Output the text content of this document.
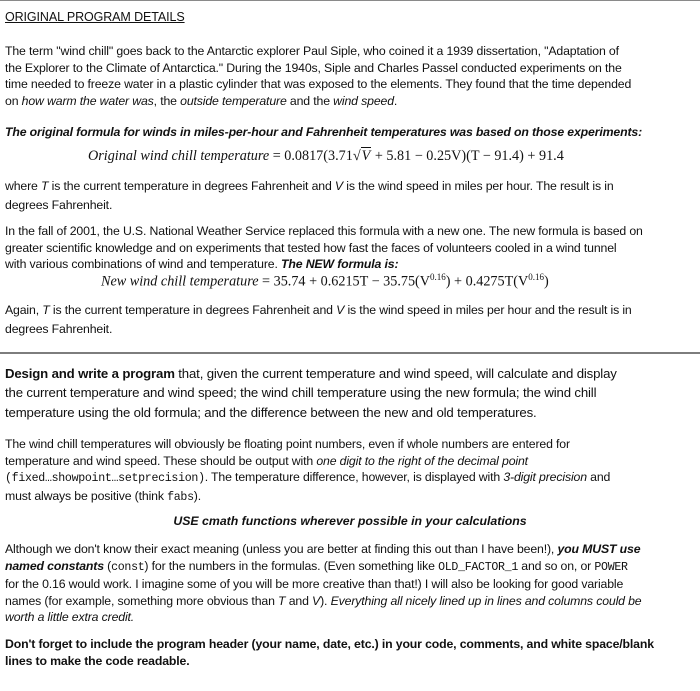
ORIGINAL PROGRAM DETAILS
The term "wind chill" goes back to the Antarctic explorer Paul Siple, who coined it a 1939 dissertation, "Adaptation of
the Explorer to the Climate of Antarctica." During the 1940s, Siple and Charles Passel conducted experiments on the
time needed to freeze water in a plastic cylinder that was exposed to the elements. They found that the time depended
on how warm the water was, the outside temperature and the wind speed.
The original formula for winds in miles-per-hour and Fahrenheit temperatures was based on those experiments:
Original wind chill temperature = 0.0817(3.71√V + 5.81 − 0.25V)(T − 91.4) + 91.4
where T is the current temperature in degrees Fahrenheit and V is the wind speed in miles per hour. The result is in
degrees Fahrenheit.
In the fall of 2001, the U.S. National Weather Service replaced this formula with a new one. The new formula is based on
greater scientific knowledge and on experiments that tested how fast the faces of volunteers cooled in a wind tunnel
with various combinations of wind and temperature. The NEW formula is:
New wind chill temperature = $35.74 + 0.6215T - 35.75(V^{0.16}) + 0.4275T(V^{0.16})$
Again, T is the current temperature in degrees Fahrenheit and V is the wind speed in miles per hour and the result is in
degrees Fahrenheit.
Design and write a program that, given the current temperature and wind speed, will calculate and display
the current temperature and wind speed; the wind chill temperature using the new formula; the wind chill
temperature using the old formula; and the difference between the new and old temperatures.
The wind chill temperatures will obviously be floating point numbers, even if whole numbers are entered for
temperature and wind speed. These should be output with one digit to the right of the decimal point
(fixed…showpoint…setprecision). The temperature difference, however, is displayed with 3-digit precision and
must always be positive (think fabs).
USE cmath functions wherever possible in your calculations
Although we don't know their exact meaning (unless you are better at finding this out than I have been!), you MUST use
named constants (const) for the numbers in the formulas. (Even something like OLD_FACTOR_1 and so on, or POWER
for the 0.16 would work. I imagine some of you will be more creative than that!) I will also be looking for good variable
names (for example, something more obvious than T and V). Everything all nicely lined up in lines and columns could be
worth a little extra credit.
Don't forget to include the program header (your name, date, etc.) in your code, comments, and white space/blank
lines to make the code readable.
